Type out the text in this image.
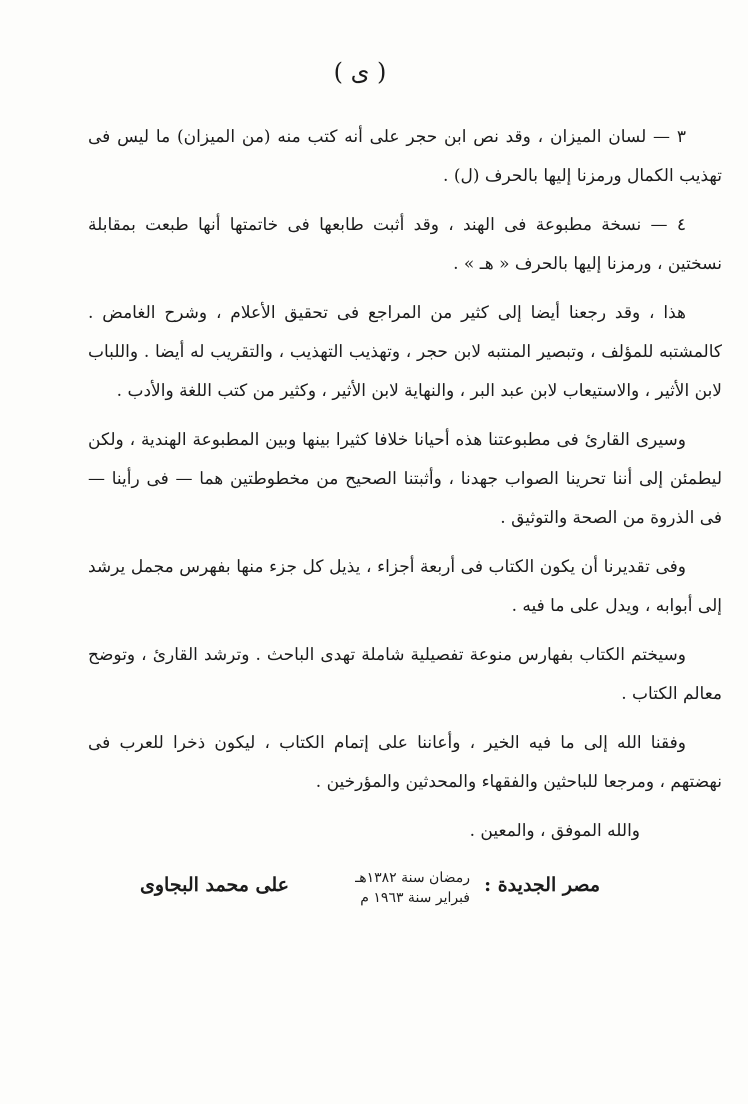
( ى )

٣ — لسان الميزان ، وقد نص ابن حجر على أنه كتب منه (من الميزان) ما ليس فى تهذيب الكمال ورمزنا إليها بالحرف (ل) .

٤ — نسخة مطبوعة فى الهند ، وقد أثبت طابعها فى خاتمتها أنها طبعت بمقابلة نسختين ، ورمزنا إليها بالحرف « هـ » .

هذا ، وقد رجعنا أيضا إلى كثير من المراجع فى تحقيق الأعلام ، وشرح الغامض . كالمشتبه للمؤلف ، وتبصير المنتبه لابن حجر ، وتهذيب التهذيب ، والتقريب له أيضا . واللباب لابن الأثير ، والاستيعاب لابن عبد البر ، والنهاية لابن الأثير ، وكثير من كتب اللغة والأدب .

وسيرى القارئ فى مطبوعتنا هذه أحيانا خلافا كثيرا بينها وبين المطبوعة الهندية ، ولكن ليطمئن إلى أننا تحرينا الصواب جهدنا ، وأثبتنا الصحيح من مخطوطتين هما — فى رأينا — فى الذروة من الصحة والتوثيق .

وفى تقديرنا أن يكون الكتاب فى أربعة أجزاء ، يذيل كل جزء منها بفهرس مجمل يرشد إلى أبوابه ، ويدل على ما فيه .

وسيختم الكتاب بفهارس منوعة تفصيلية شاملة تهدى الباحث . وترشد القارئ ، وتوضح معالم الكتاب .

وفقنا الله إلى ما فيه الخير ، وأعاننا على إتمام الكتاب ، ليكون ذخرا للعرب فى نهضتهم ، ومرجعا للباحثين والفقهاء والمحدثين والمؤرخين .

والله الموفق ، والمعين .

مصر الجديدة :
رمضان سنة ١٣٨٢هـ
فبراير سنة ١٩٦٣ م
على محمد البجاوى
